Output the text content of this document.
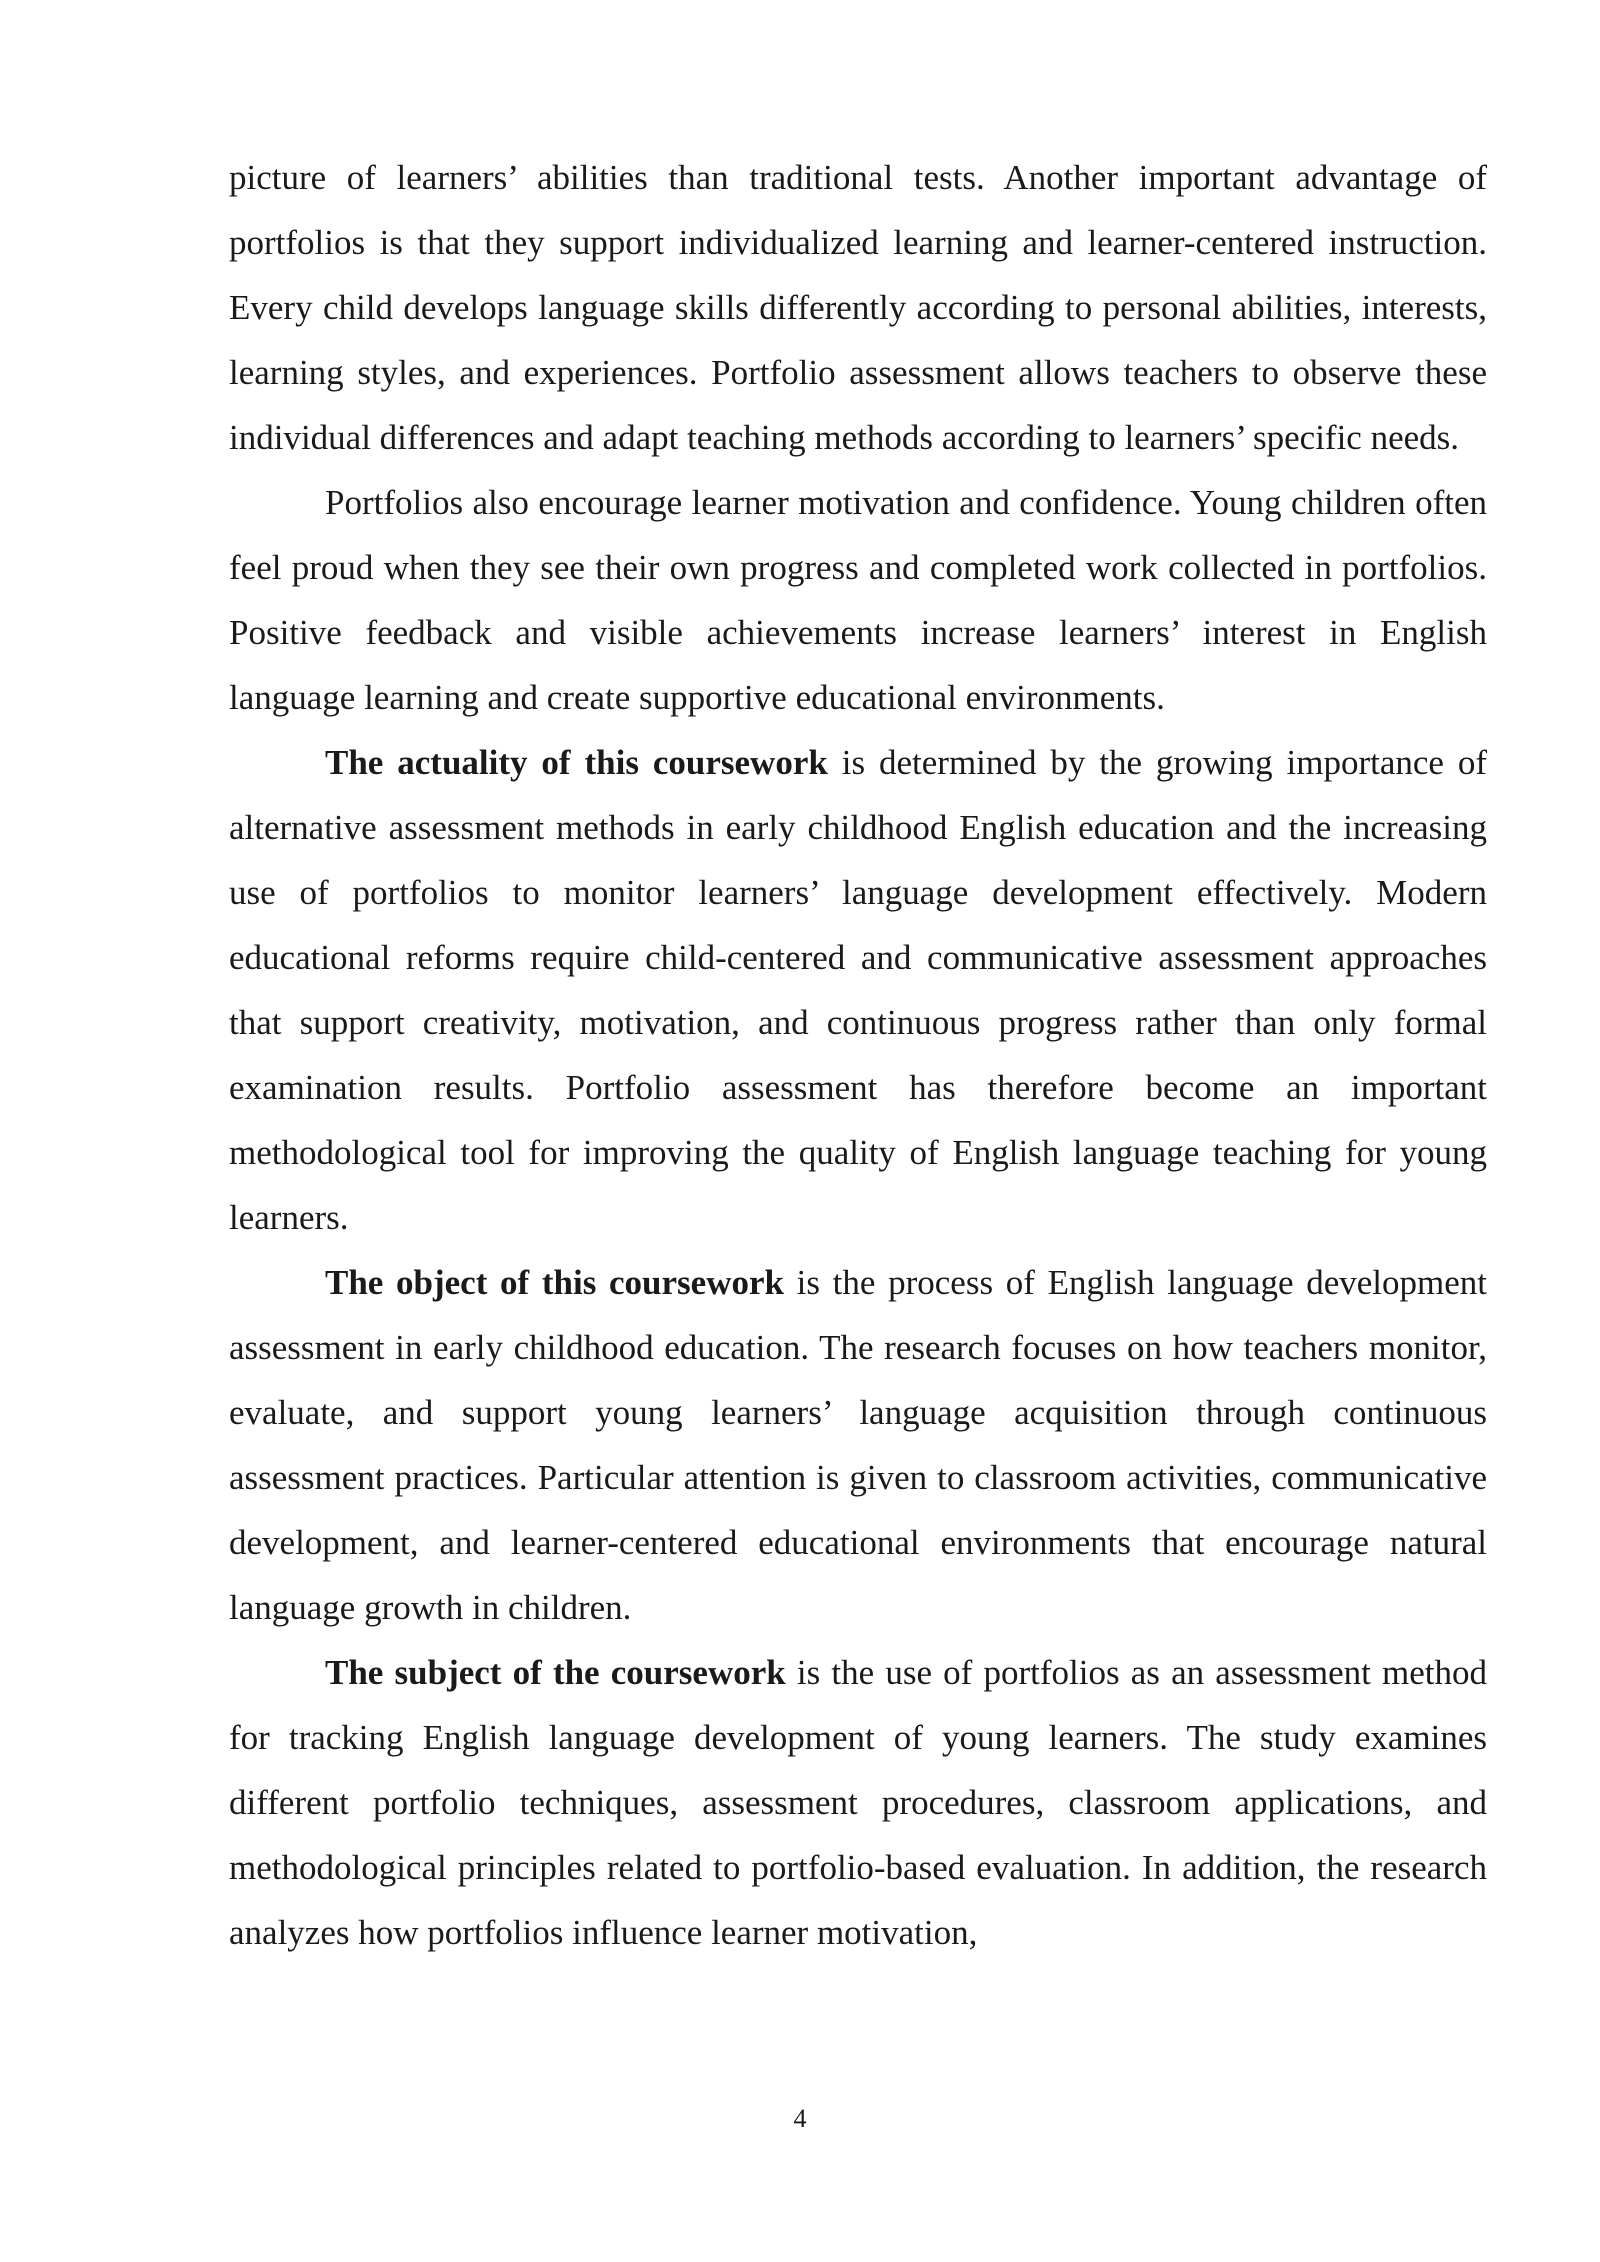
picture of learners’ abilities than traditional tests. Another important advantage of portfolios is that they support individualized learning and learner-centered instruction. Every child develops language skills differently according to personal abilities, interests, learning styles, and experiences. Portfolio assessment allows teachers to observe these individual differences and adapt teaching methods according to learners’ specific needs.

Portfolios also encourage learner motivation and confidence. Young children often feel proud when they see their own progress and completed work collected in portfolios. Positive feedback and visible achievements increase learners’ interest in English language learning and create supportive educational environments.

The actuality of this coursework is determined by the growing importance of alternative assessment methods in early childhood English education and the increasing use of portfolios to monitor learners’ language development effectively. Modern educational reforms require child-centered and communicative assessment approaches that support creativity, motivation, and continuous progress rather than only formal examination results. Portfolio assessment has therefore become an important methodological tool for improving the quality of English language teaching for young learners.

The object of this coursework is the process of English language development assessment in early childhood education. The research focuses on how teachers monitor, evaluate, and support young learners’ language acquisition through continuous assessment practices. Particular attention is given to classroom activities, communicative development, and learner-centered educational environments that encourage natural language growth in children.

The subject of the coursework is the use of portfolios as an assessment method for tracking English language development of young learners. The study examines different portfolio techniques, assessment procedures, classroom applications, and methodological principles related to portfolio-based evaluation. In addition, the research analyzes how portfolios influence learner motivation,

4
